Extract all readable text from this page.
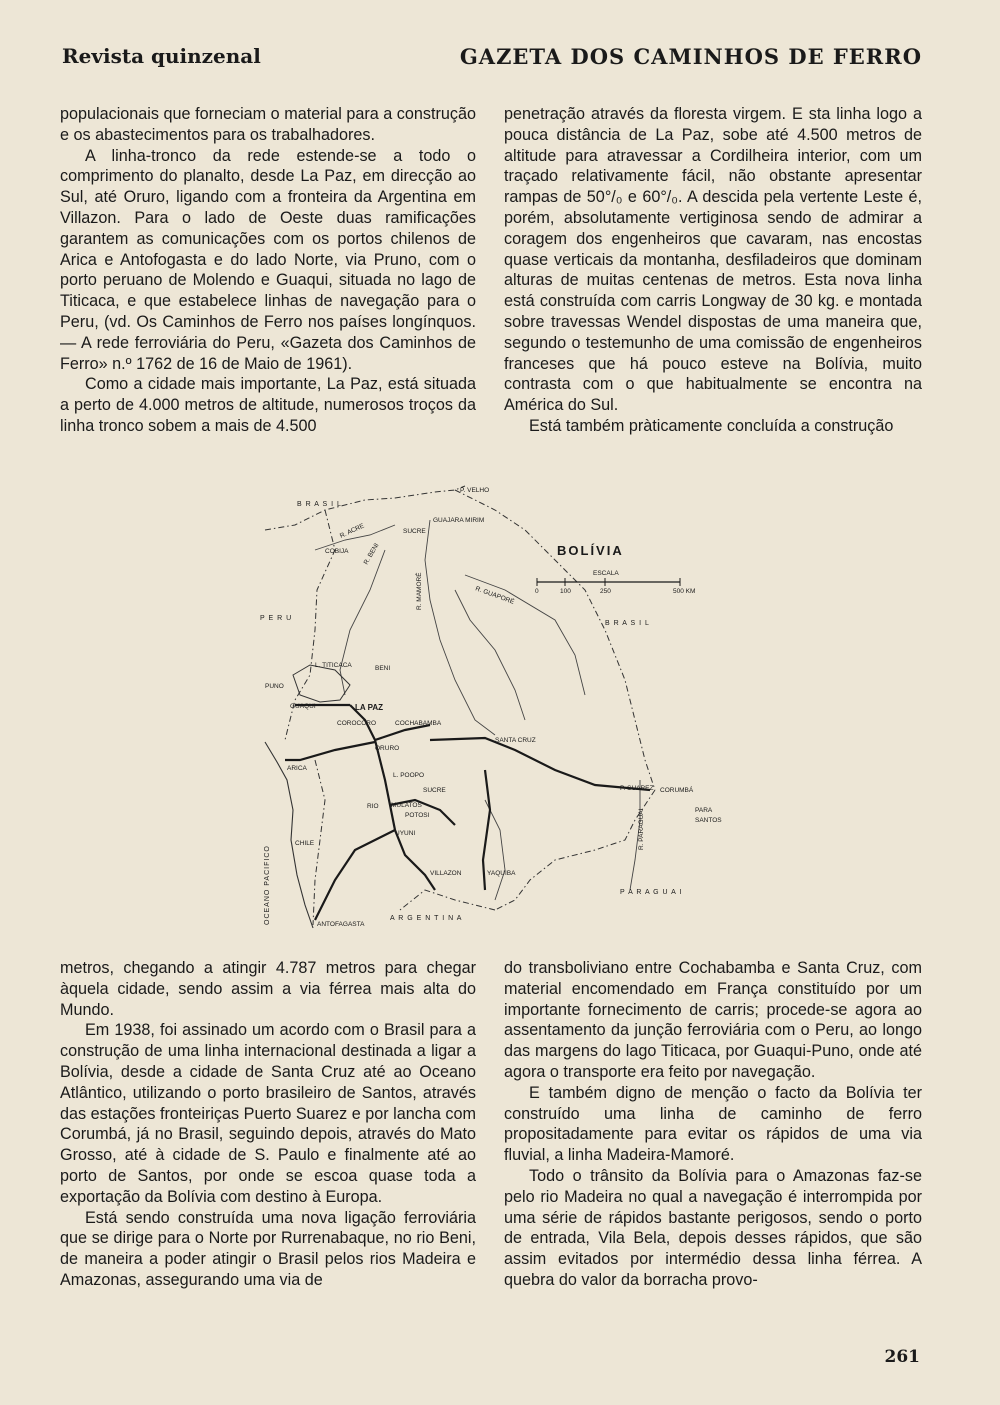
Revista quinzenal	GAZETA DOS CAMINHOS DE FERRO

populacionais que forneciam o material para a construção e os abastecimentos para os trabalhadores.

A linha-tronco da rede estende-se a todo o comprimento do planalto, desde La Paz, em direcção ao Sul, até Oruro, ligando com a fronteira da Argentina em Villazon. Para o lado de Oeste duas ramificações garantem as comunicações com os portos chilenos de Arica e Antofogasta e do lado Norte, via Pruno, com o porto peruano de Molendo e Guaqui, situada no lago de Titicaca, e que estabelece linhas de navegação para o Peru, (vd. Os Caminhos de Ferro nos países longínquos. — A rede ferroviária do Peru, «Gazeta dos Caminhos de Ferro» n.º 1762 de 16 de Maio de 1961).

Como a cidade mais importante, La Paz, está situada a perto de 4.000 metros de altitude, numerosos troços da linha tronco sobem a mais de 4.500

penetração através da floresta virgem. E sta linha logo a pouca distância de La Paz, sobe até 4.500 metros de altitude para atravessar a Cordilheira interior, com um traçado relativamente fácil, não obstante apresentar rampas de 50°/₀ e 60°/₀. A descida pela vertente Leste é, porém, absolutamente vertiginosa sendo de admirar a coragem dos engenheiros que cavaram, nas encostas quase verticais da montanha, desfiladeiros que dominam alturas de muitas centenas de metros. Esta nova linha está construída com carris Longway de 30 kg. e montada sobre travessas Wendel dispostas de uma maneira que, segundo o testemunho de uma comissão de engenheiros franceses que há pouco esteve na Bolívia, muito contrasta com o que habitualmente se encontra na América do Sul.

Está também pràticamente concluída a construção

BOLÍVIA
ESCALA
0	100	250	500 KM
B R A S I L
B R A S I L
P E R U
P A R A G U A I
A R G E N T I N A
CHILE
OCEANO PACIFICO
R. ACRE
R. BENI
R. MAMORÉ	R. GUAPORÉ
R. PARAGUAI
P. VELHO
GUAJARA MIRIM
SUCRE
COBIJA
L. TITICACA	BENI
PUNO
GUAQUI	LA PAZ
COROCORO	COCHABAMBA
ORURO
SANTA CRUZ
ARICA
L. POOPO
SUCRE
RIO MULATOS
POTOSI
UYUNI
VILLAZON	YAQUIBA
P. SUAREZ CORUMBÁ
PARA
SANTOS
ANTOFAGASTA

metros, chegando a atingir 4.787 metros para chegar àquela cidade, sendo assim a via férrea mais alta do Mundo.

Em 1938, foi assinado um acordo com o Brasil para a construção de uma linha internacional destinada a ligar a Bolívia, desde a cidade de Santa Cruz até ao Oceano Atlântico, utilizando o porto brasileiro de Santos, através das estações fronteiriças Puerto Suarez e por lancha com Corumbá, já no Brasil, seguindo depois, através do Mato Grosso, até à cidade de S. Paulo e finalmente até ao porto de Santos, por onde se escoa quase toda a exportação da Bolívia com destino à Europa.

Está sendo construída uma nova ligação ferroviária que se dirige para o Norte por Rurrenabaque, no rio Beni, de maneira a poder atingir o Brasil pelos rios Madeira e Amazonas, assegurando uma via de

do transboliviano entre Cochabamba e Santa Cruz, com material encomendado em França constituído por um importante fornecimento de carris; procede-se agora ao assentamento da junção ferroviária com o Peru, ao longo das margens do lago Titicaca, por Guaqui-Puno, onde até agora o transporte era feito por navegação.

E também digno de menção o facto da Bolívia ter construído uma linha de caminho de ferro propositadamente para evitar os rápidos de uma via fluvial, a linha Madeira-Mamoré.

Todo o trânsito da Bolívia para o Amazonas faz-se pelo rio Madeira no qual a navegação é interrompida por uma série de rápidos bastante perigosos, sendo o porto de entrada, Vila Bela, depois desses rápidos, que são assim evitados por intermédio dessa linha férrea. A quebra do valor da borracha provo-

261
